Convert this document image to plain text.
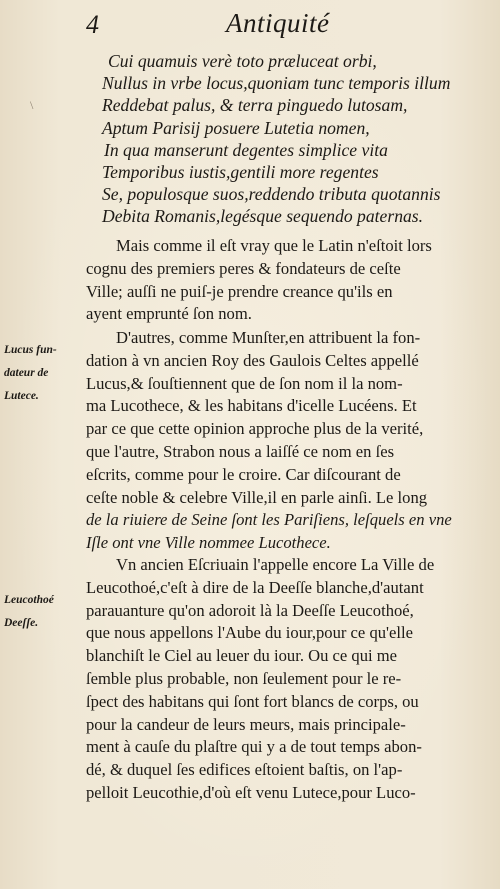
4	Antiquité
\
Cui quamuis verè toto præluceat orbi,
Nullus in vrbe locus,quoniam tunc temporis illum
Reddebat palus, & terra pinguedo lutosam,
Aptum Parisij posuere Lutetia nomen,
In qua manserunt degentes simplice vita
Temporibus iustis,gentili more regentes
Se, populosque suos,reddendo tributa quotannis
Debita Romanis,legésque sequendo paternas.
Mais comme il eſt vray que le Latin n'eſtoit lors
cognu des premiers peres & fondateurs de ceſte
Ville; auſſi ne puiſ-je prendre creance qu'ils en
ayent emprunté ſon nom.
Lucus fun-
dateur de
Lutece.
D'autres, comme Munſter,en attribuent la fon-
dation à vn ancien Roy des Gaulois Celtes appellé
Lucus,& ſouſtiennent que de ſon nom il la nom-
ma Lucothece, & les habitans d'icelle Lucéens. Et
par ce que cette opinion approche plus de la verité,
que l'autre, Strabon nous a laiſſé ce nom en ſes
eſcrits, comme pour le croire. Car diſcourant de
ceſte noble & celebre Ville,il en parle ainſi. Le long
de la riuiere de Seine ſont les Pariſiens, leſquels en vne
Iſle ont vne Ville nommee Lucothece.
Leucothoé
Deeſſe.
Vn ancien Eſcriuain l'appelle encore La Ville de
Leucothoé,c'eſt à dire de la Deeſſe blanche,d'autant
parauanture qu'on adoroit là la Deeſſe Leucothoé,
que nous appellons l'Aube du iour,pour ce qu'elle
blanchiſt le Ciel au leuer du iour. Ou ce qui me
ſemble plus probable, non ſeulement pour le re-
ſpect des habitans qui ſont fort blancs de corps, ou
pour la candeur de leurs meurs, mais principale-
ment à cauſe du plaſtre qui y a de tout temps abon-
dé, & duquel ſes edifices eſtoient baſtis, on l'ap-
pelloit Leucothie,d'où eſt venu Lutece,pour Luco-
